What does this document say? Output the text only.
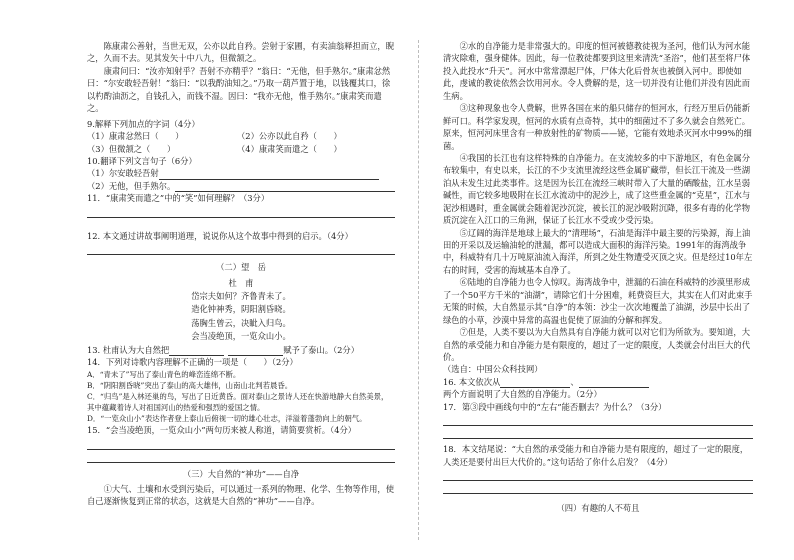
陈康肃公善射，当世无双，公亦以此自矜。尝射于家圃，有卖油翁释担而立，睨之，久而不去。见其发矢十中八九，但微颔之。

康肃问曰：“汝亦知射乎？吾射不亦精乎？”翁曰：“无他，但手熟尔。”康肃忿然曰：“尔安敢轻吾射！”翁曰：“以我酌油知之。”乃取一葫芦置于地，以钱覆其口，徐以杓酌油沥之，自钱孔入，而钱不湿。因曰：“我亦无他，惟手熟尔。”康肃笑而遣之。

9.解释下列加点的字词（4分）

（1）康肃忿然曰（　　）	（2）公亦以此自矜（　　）
（3）但微颔之（　　）	（4）康肃笑而遣之（　　）

10.翻译下列文言句子（6分）

（1）尔安敢轻吾射

（2）无他，但手熟尔。

11．“康肃笑而遣之”中的“笑”如何理解？（3分）

12. 本文通过讲故事阐明道理，说说你从这个故事中得到的启示。（4分）

（二）望　岳

杜　甫

岱宗夫如何？齐鲁青未了。

造化钟神秀，阴阳割昏晓。

荡胸生曾云，决眦入归鸟。

会当凌绝顶，一览众山小。

13. 杜甫认为大自然把	赋予了泰山。（2分）

14．下列对诗歌内容理解不正确的一项是（　　）（2分）

A．“青未了”写出了泰山青色的峰峦连绵不断。

B．“阴阳割昏晓”突出了泰山的高大雄伟，山南山北判若晨昏。

C．“归鸟”是入林还巢的鸟，写出了日近黄昏。面对泰山之景诗人还在快游地静大自然美景，其中蕴藏着诗人对祖国河山的热爱和强烈的爱国之情。

D．“一览众山小”表达作者登上泰山后俯视一切的雄心壮志，洋溢着蓬勃向上的朝气。

15．“会当凌绝顶，一览众山小”两句历来被人称道，请简要赏析。（4分）

（三）大自然的“神功”——自净

①大气、土壤和水受到污染后，可以通过一系列的物理、化学、生物等作用，使自己逐渐恢复到正常的状态，这就是大自然的“神功”——自净。

②水的自净能力是非常强大的。印度的恒河被德教徒视为圣河，他们认为河水能清灾除难，强身健体。因此，每一位教徒都要到这里来清洗“圣浴”，他们甚至将尸体投入此投水“升天”。河水中常常漂起尸体，尸体大化后骨灰也被倒入河中。即使如此，虔诚的教徒依然会饮用河水。令人费解的是，这一切并没有让他们并没有因此而生病。

③这种现象也令人费解，世界各国在来的船只储存的恒河水，行经万里后仍能新鲜可口。科学家发现，恒河的水质有点奇特，其中的细菌过不了多久就会自然死亡。原来，恒河河床里含有一种放射性的矿物质——铋，它能有效地杀灭河水中99%的细菌。

④我国的长江也有这样特殊的自净能力。在支流较多的中下游地区，有色金属分布较集中，有史以来，长江的不少支流里流经这些金属矿藏带，但长江干流及一些湖泊从未发生过此类事件。这是因为长江在流经三峡时带入了大量的硒酸盐，江水呈弱碱性，而它较多地吸附在长江水流动中的泥沙上，成了这些重金属的“克星”，江水与泥沙相遇时，重金属就会随着泥沙沉淀，被长江的泥沙吸附沉降，很多有毒的化学物质沉淀在入江口的三角洲，保证了长江水不受或少受污染。

⑤辽阔的海洋是地球上最大的“清理场”，石油是海洋中最主要的污染源，海上油田的开采以及运输油轮的泄漏，都可以造成大面积的海洋污染。1991年的海湾战争中，科威特有几十万吨原油流入海洋，所到之处生物遭受灭顶之灾。但是经过10年左右的时间，受害的海域基本自净了。

⑥陆地的自净能力也令人惊叹。海湾战争中，泄漏的石油在科威特的沙漠里形成了一个50平方千米的“油湖”，请除它们十分困难，耗费资巨大，其实在人们对此束手无策的时候，大自然显示其“自净”的本领：沙尘一次次地覆盖了油湖，沙层中长出了绿色的小草，沙漠中异常的高温也促使了原油的分解和挥发。

⑦但是，人类不要以为大自然具有自净能力就可以对它们为所欲为。要知道，大自然的承受能力和自净能力是有限度的，超过了一定的限度，人类就会付出巨大的代价。

（选自：中国公众科技网）

16. 本文依次从	、

两个方面说明了大自然的自净能力。（2分）

17．第③段中画线句中的“左右”能否删去？为什么？（3分）

18．本文结尾说：“大自然的承受能力和自净能力是有限度的，超过了一定的限度，人类还是要付出巨大代价的。”这句话给了你什么启发？（4分）

（四）有趣的人不苟且
